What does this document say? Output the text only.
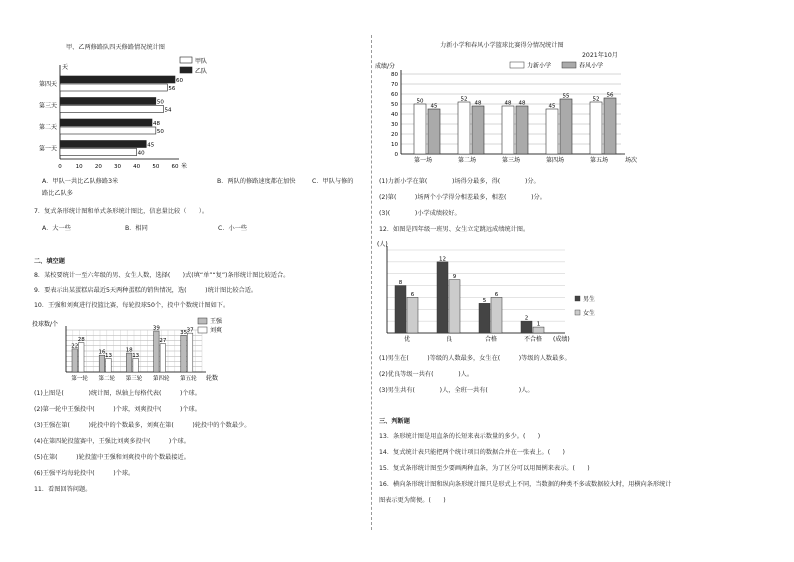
甲、乙两修路队四天修路情况统计图
天
米
0	10 20 30 40 50 60
第一天	45
40
第二天	48
50
第三天	50
54
第四天	60
56
甲队
乙队
A．甲队一共比乙队修路3米	B．两队的修路速度都在加快	C．甲队与修的
路比乙队多
7．复式条形统计图和单式条形统计图比，信息量比较（　　）。
A．大一些	B．相同	C．小一些
二、填空题
8．某校要统计一至六年级的男、女生人数，选择(　　)式(填“单”“复”)条形统计图比较适合。
9．要表示出某蛋糕店最近5天两种蛋糕的销售情况，选(　　　)统计图比较合适。
10．王强和刘爽进行投篮比赛，每轮投球50个，投中个数统计图如下。
投球数/个
轮数
第一轮
22
28
第二轮
16
13
第三轮
18
13
第四轮
39
27
第五轮
35 37
王强
刘爽
(1)上图是(　　　　)统计图，纵轴上每格代表(　　　)个球。
(2)第一轮中王强投中(　　　)个球，刘爽投中(　　　)个球。
(3)王强在第(　　　)轮投中的个数最多，刘爽在第(　　　)轮投中的个数最少。
(4)在第四轮投篮赛中，王强比刘爽多投中(　　　)个球。
(5)在第(　　　)轮投篮中王强和刘爽投中的个数最接近。
(6)王强平均每轮投中(　　　)个球。
11．看图回答问题。
力新小学和春风小学篮球比赛得分情况统计图
2021年10月
成绩/分
0
10
20
30
40
50
60
70
80
场次
第一场
50
45
第二场
52
48
第三场
48 48
第四场
45
55
第五场
52
56
力新小学	春风小学
(1)力新小学在第(　　　　)场得分最多，得(　　　　)分。
(2)第(　　　)场两个小学得分相差最多，相差(　　　　)分。
(3)(　　　　)小学成绩较好。
12．如图是四年级一班男、女生立定跳远成绩统计图。
(人)
(成绩)
优
8
6
良
12
9
合格
5
6
不合格
2
1
男生
女生
(1)男生在(　　　)等级的人数最多，女生在(　　　)等级的人数最多。
(2)优良等级一共有(　　　　)人。
(3)男生共有(　　　　)人，全班一共有(　　　　　)人。
三、判断题
13．条形统计图是用直条的长短来表示数量的多少。(　　)
14．复式统计表只能把两个统计项目的数据合并在一张表上。(　　)
15．复式条形统计图至少要画两种直条，为了区分可以用图例来表示。(　　)
16．横向条形统计图和纵向条形统计图只是形式上不同，当数据的种类不多或数据较大时，用横向条形统计
图表示更为简便。(　　)
